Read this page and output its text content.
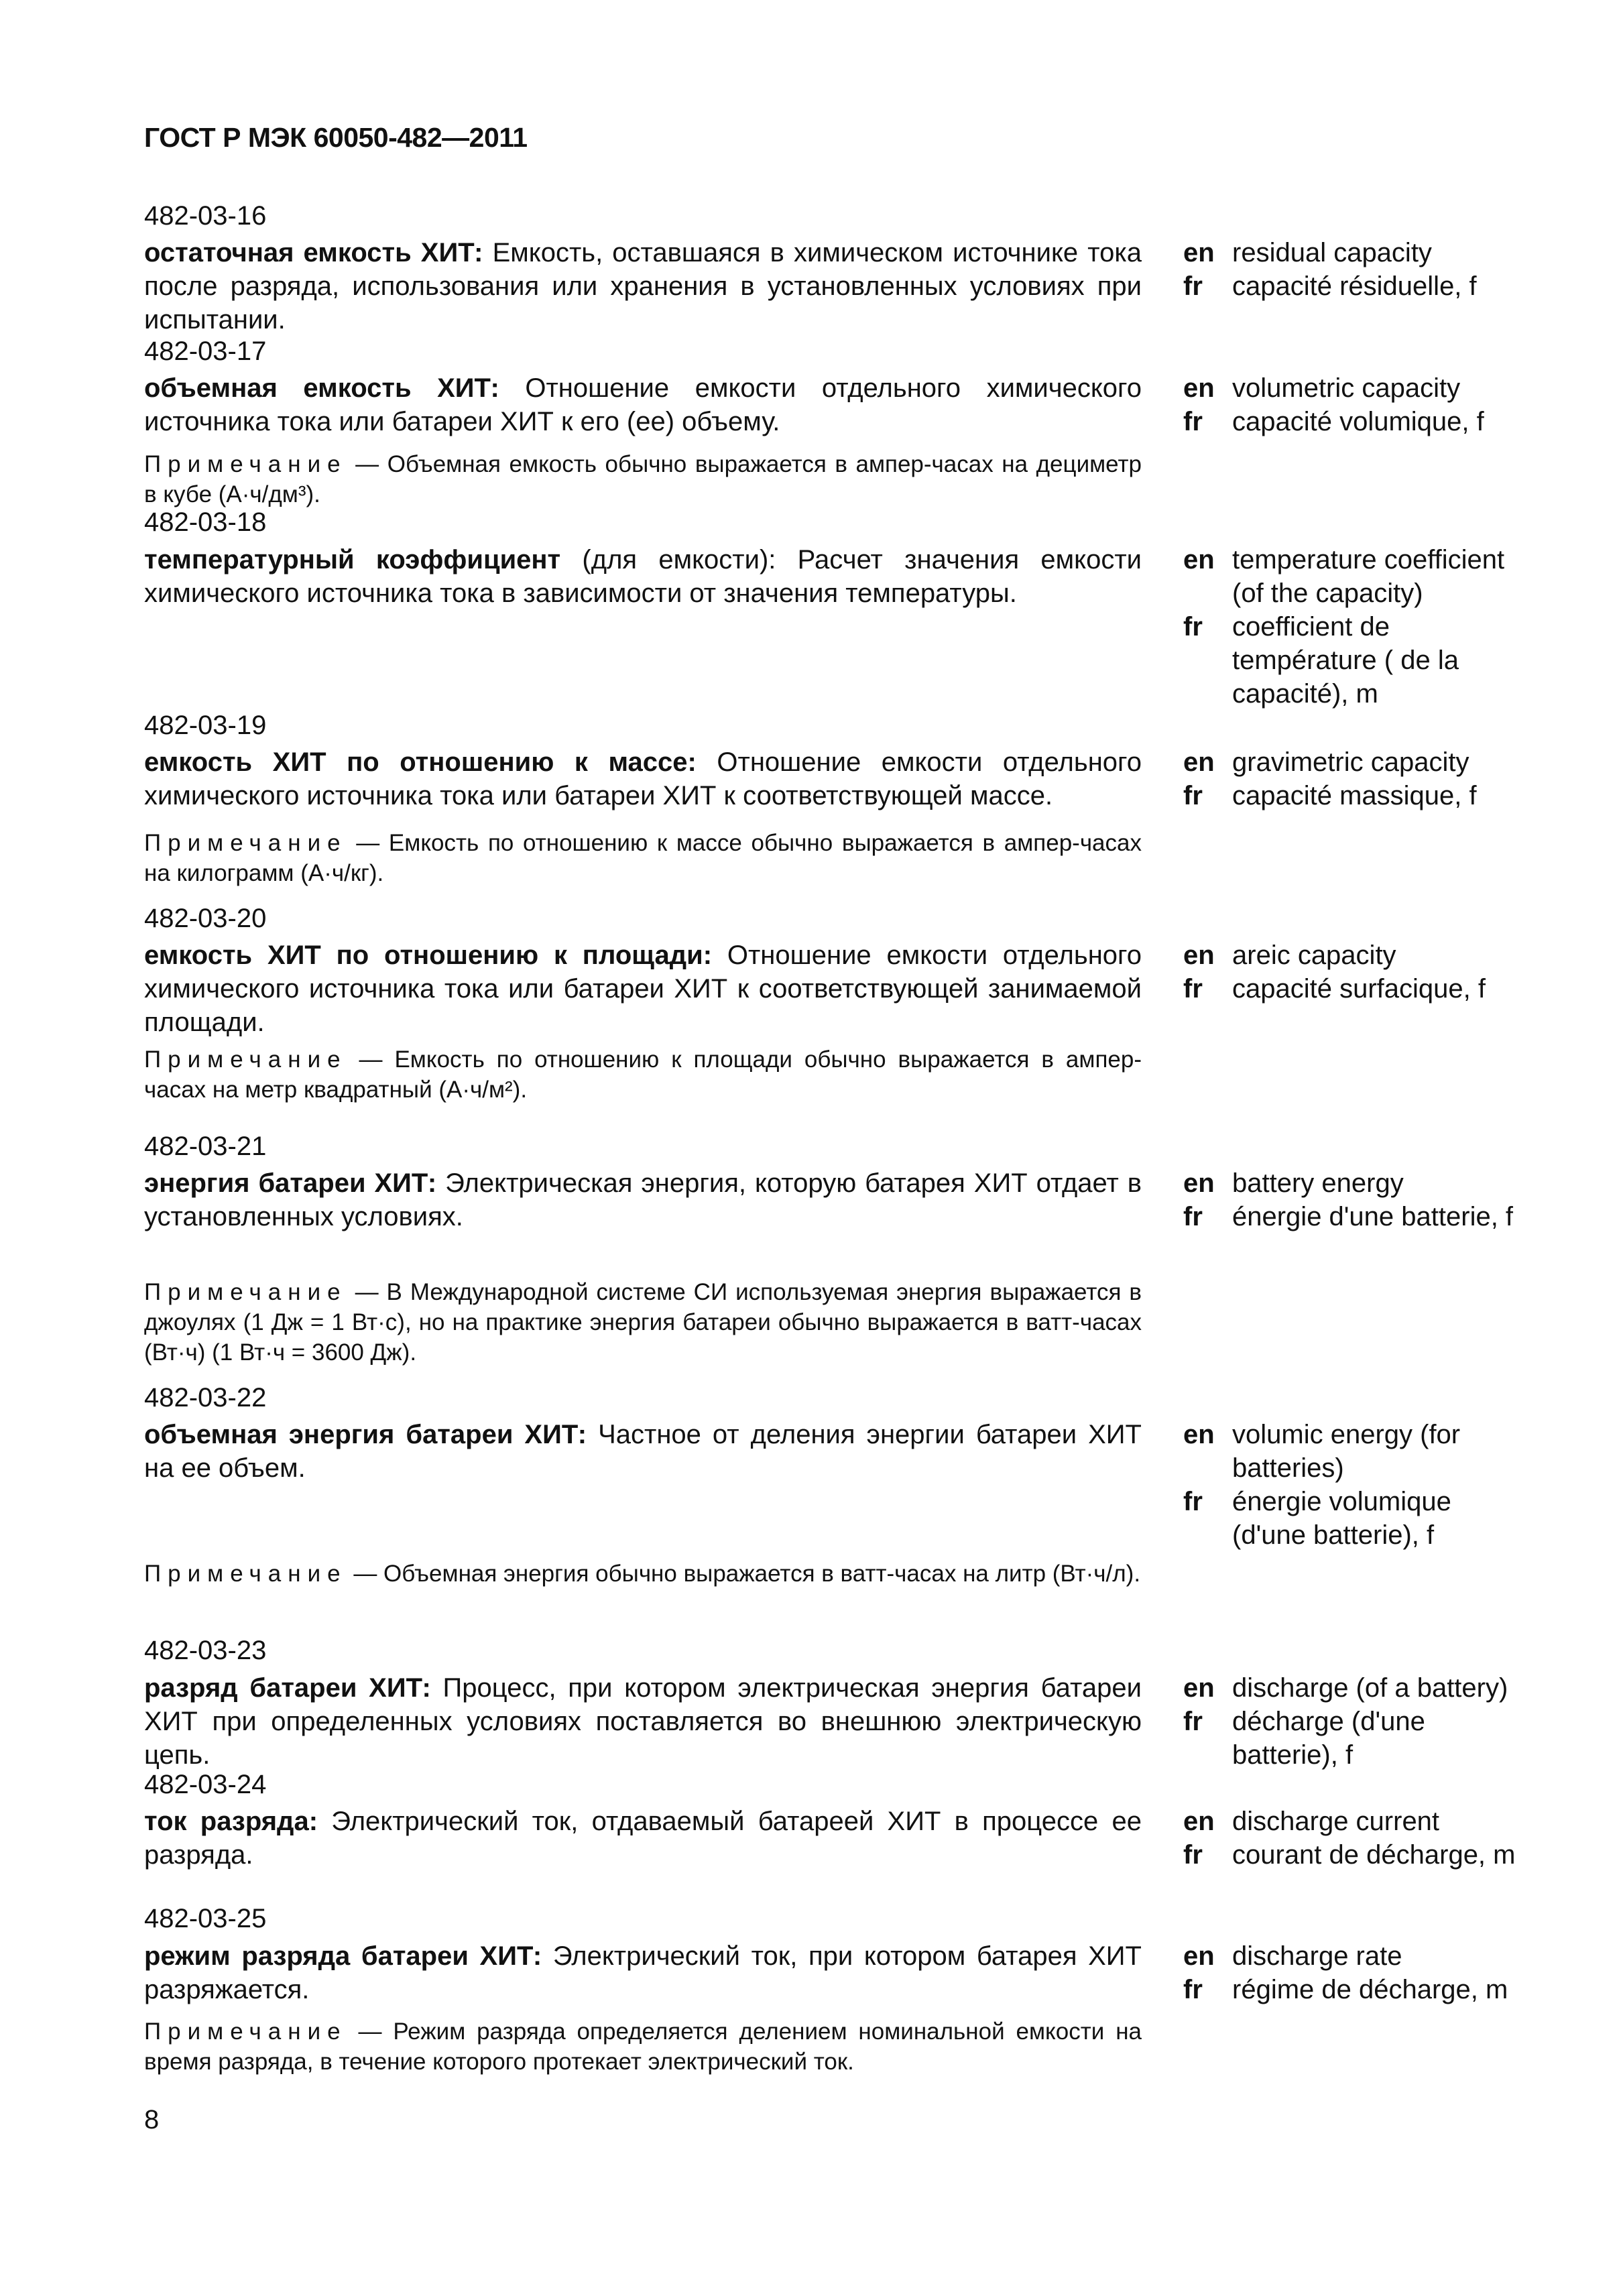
ГОСТ Р МЭК 60050-482—2011
482-03-16
остаточная емкость ХИТ: Емкость, оставшаяся в химическом источнике тока после разряда, использования или хранения в установленных условиях при испытании.
en residual capacity
fr	capacité résiduelle, f
482-03-17
объемная емкость ХИТ: Отношение емкости отдельного химического источника тока или батареи ХИТ к его (ее) объему.
Примечание — Объемная емкость обычно выражается в ампер-часах на дециметр в кубе (А·ч/дм³).
en volumetric capacity
fr	capacité volumique, f
482-03-18
температурный коэффициент (для емкости): Расчет значения емкости химического источника тока в зависимости от значения температуры.
en temperature coefficient (of the capacity)
fr	coefficient de température ( de la capacité), m
482-03-19
емкость ХИТ по отношению к массе: Отношение емкости отдельного химического источника тока или батареи ХИТ к соответствующей массе.
Примечание — Емкость по отношению к массе обычно выражается в ампер-часах на килограмм (А·ч/кг).
en gravimetric capacity
fr	capacité massique, f
482-03-20
емкость ХИТ по отношению к площади: Отношение емкости отдельного химического источника тока или батареи ХИТ к соответствующей занимаемой площади.
Примечание — Емкость по отношению к площади обычно выражается в ампер-часах на метр квадратный (А·ч/м²).
en areic capacity
fr	capacité surfacique, f
482-03-21
энергия батареи ХИТ: Электрическая энергия, которую батарея ХИТ отдает в установленных условиях.
Примечание — В Международной системе СИ используемая энергия выражается в джоулях (1 Дж = 1 Вт·с), но на практике энергия батареи обычно выражается в ватт-часах (Вт·ч) (1 Вт·ч = 3600 Дж).
en battery energy
fr	énergie d'une batterie, f
482-03-22
объемная энергия батареи ХИТ: Частное от деления энергии батареи ХИТ на ее объем.
Примечание — Объемная энергия обычно выражается в ватт-часах на литр (Вт·ч/л).
en volumic energy (for batteries)
fr	énergie volumique (d'une batterie), f
482-03-23
разряд батареи ХИТ: Процесс, при котором электрическая энергия батареи ХИТ при определенных условиях поставляется во внешнюю электрическую цепь.
en discharge (of a battery)
fr	décharge (d'une batterie), f
482-03-24
ток разряда: Электрический ток, отдаваемый батареей ХИТ в процессе ее разряда.
en discharge current
fr	courant de décharge, m
482-03-25
режим разряда батареи ХИТ: Электрический ток, при котором батарея ХИТ разряжается.
Примечание — Режим разряда определяется делением номинальной емкости на время разряда, в течение которого протекает электрический ток.
en discharge rate
fr	régime de décharge, m
8
